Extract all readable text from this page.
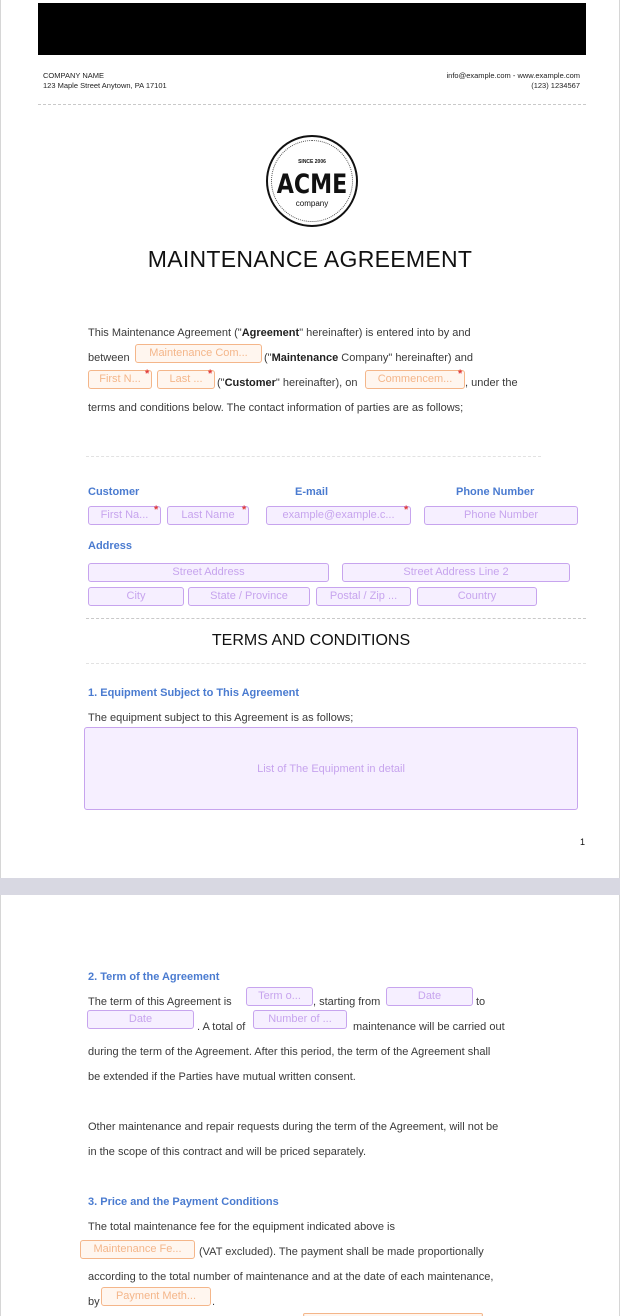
COMPANY NAME
123 Maple Street Anytown, PA 17101
info@example.com - www.example.com
(123) 1234567
SINCE 2006
ACME
company
MAINTENANCE AGREEMENT
This Maintenance Agreement ("Agreement" hereinafter) is entered into by and
between	Maintenance Com...	("Maintenance Company" hereinafter) and
First N... *	Last ... *
("Customer" hereinafter), on	Commencem... *
, under the
terms and conditions below. The contact information of parties are as follows;
Customer	E-mail	Phone Number
First Na... *	Last Name *	example@example.c... *	Phone Number
Address
Street Address	Street Address Line 2
City	State / Province	Postal / Zip ...	Country
TERMS AND CONDITIONS
1. Equipment Subject to This Agreement
The equipment subject to this Agreement is as follows;
List of The Equipment in detail
1
2. Term of the Agreement
The term of this Agreement is	Term o...	, starting from	Date	to
Date
. A total of
Number of ...
maintenance will be carried out
during the term of the Agreement. After this period, the term of the Agreement shall
be extended if the Parties have mutual written consent.
Other maintenance and repair requests during the term of the Agreement, will not be
in the scope of this contract and will be priced separately.
3. Price and the Payment Conditions
The total maintenance fee for the equipment indicated above is
Maintenance Fe...	(VAT excluded). The payment shall be made proportionally
according to the total number of maintenance and at the date of each maintenance,
by	Payment Meth...	.
